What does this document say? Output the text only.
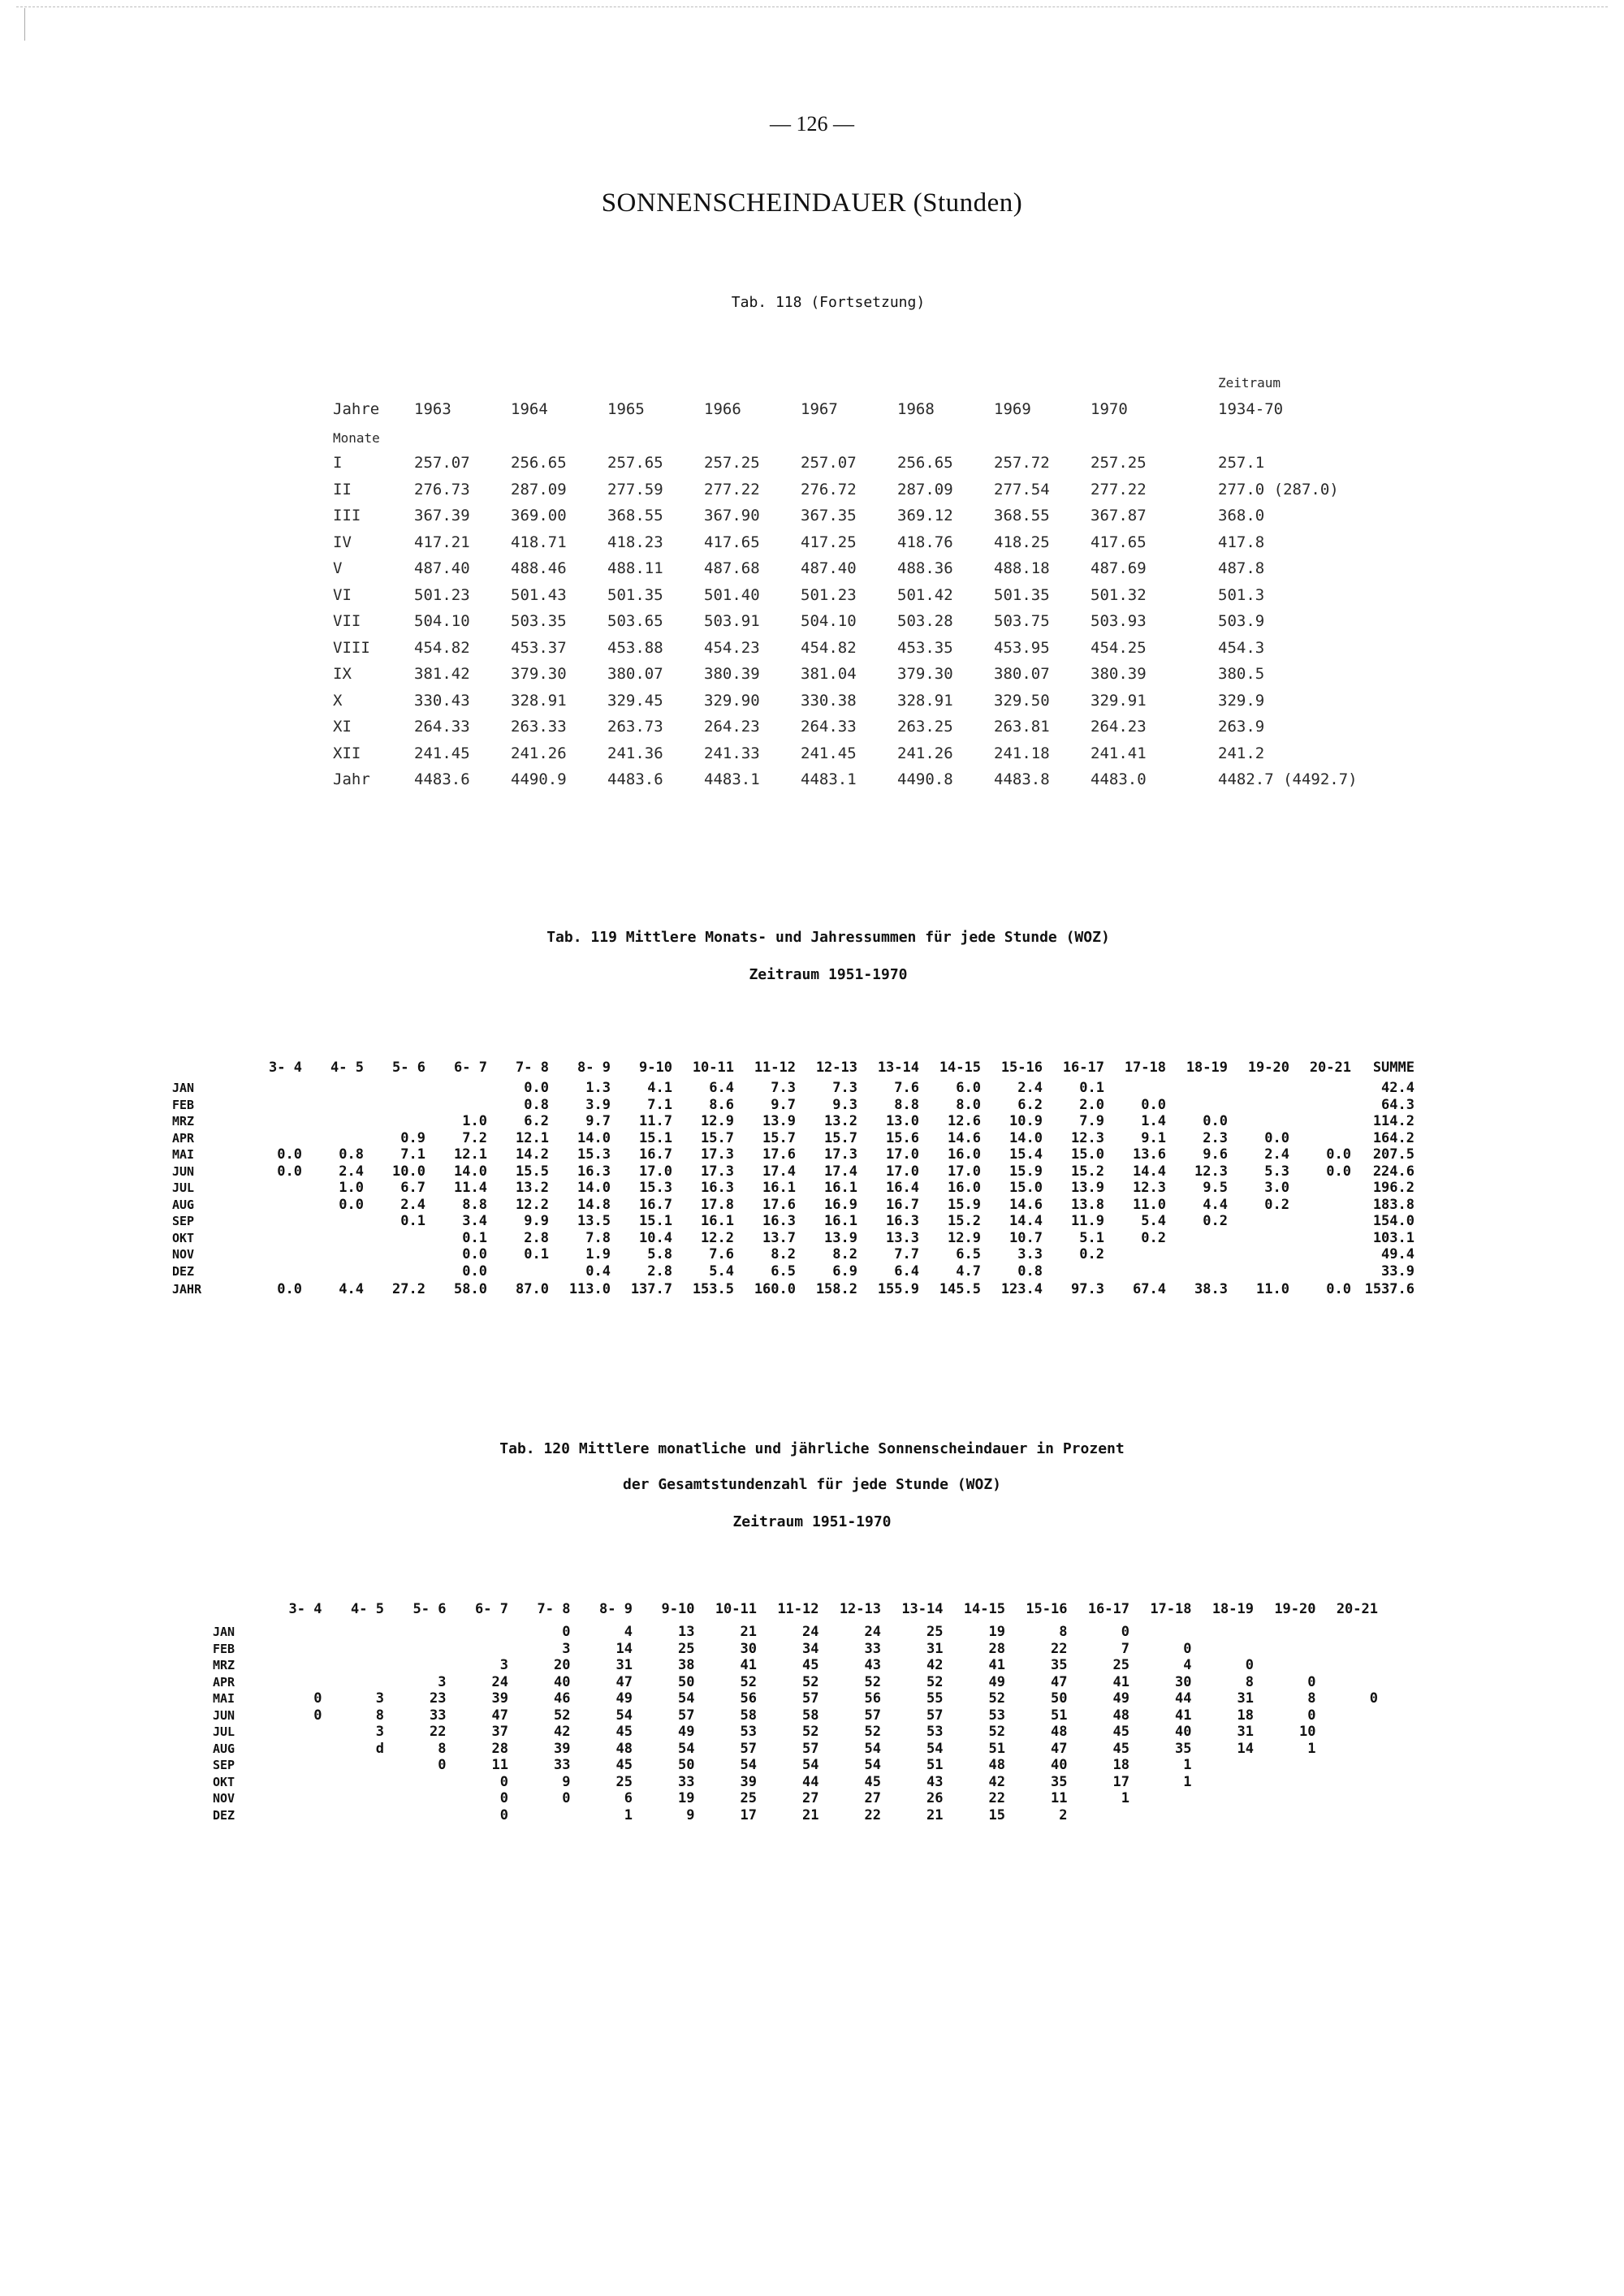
— 126 —
SONNENSCHEINDAUER (Stunden)
Tab. 118 (Fortsetzung)
									Zeitraum
Jahre	1963	1964	1965	1966	1967	1968	1969	1970	1934-70
Monate									
I	257.07	256.65	257.65	257.25	257.07	256.65	257.72	257.25	257.1
II	276.73	287.09	277.59	277.22	276.72	287.09	277.54	277.22	277.0 (287.0)
III	367.39	369.00	368.55	367.90	367.35	369.12	368.55	367.87	368.0
IV	417.21	418.71	418.23	417.65	417.25	418.76	418.25	417.65	417.8
V	487.40	488.46	488.11	487.68	487.40	488.36	488.18	487.69	487.8
VI	501.23	501.43	501.35	501.40	501.23	501.42	501.35	501.32	501.3
VII	504.10	503.35	503.65	503.91	504.10	503.28	503.75	503.93	503.9
VIII	454.82	453.37	453.88	454.23	454.82	453.35	453.95	454.25	454.3
IX	381.42	379.30	380.07	380.39	381.04	379.30	380.07	380.39	380.5
X	330.43	328.91	329.45	329.90	330.38	328.91	329.50	329.91	329.9
XI	264.33	263.33	263.73	264.23	264.33	263.25	263.81	264.23	263.9
XII	241.45	241.26	241.36	241.33	241.45	241.26	241.18	241.41	241.2

Jahr	4483.6	4490.9	4483.6	4483.1	4483.1	4490.8	4483.8	4483.0	4482.7 (4492.7)
Tab. 119 Mittlere Monats- und Jahressummen für jede Stunde (WOZ)
Zeitraum 1951-1970
	3- 4	4- 5	5- 6	6- 7	7- 8	8- 9	9-10	10-11	11-12	12-13	13-14	14-15	15-16	16-17	17-18	18-19	19-20	20-21	SUMME
JAN					0.0	1.3	4.1	6.4	7.3	7.3	7.6	6.0	2.4	0.1					42.4
FEB					0.8	3.9	7.1	8.6	9.7	9.3	8.8	8.0	6.2	2.0	0.0				64.3
MRZ				1.0	6.2	9.7	11.7	12.9	13.9	13.2	13.0	12.6	10.9	7.9	1.4	0.0			114.2
APR			0.9	7.2	12.1	14.0	15.1	15.7	15.7	15.7	15.6	14.6	14.0	12.3	9.1	2.3	0.0		164.2
MAI	0.0	0.8	7.1	12.1	14.2	15.3	16.7	17.3	17.6	17.3	17.0	16.0	15.4	15.0	13.6	9.6	2.4	0.0	207.5
JUN	0.0	2.4	10.0	14.0	15.5	16.3	17.0	17.3	17.4	17.4	17.0	17.0	15.9	15.2	14.4	12.3	5.3	0.0	224.6
JUL		1.0	6.7	11.4	13.2	14.0	15.3	16.3	16.1	16.1	16.4	16.0	15.0	13.9	12.3	9.5	3.0		196.2
AUG		0.0	2.4	8.8	12.2	14.8	16.7	17.8	17.6	16.9	16.7	15.9	14.6	13.8	11.0	4.4	0.2		183.8
SEP			0.1	3.4	9.9	13.5	15.1	16.1	16.3	16.1	16.3	15.2	14.4	11.9	5.4	0.2			154.0
OKT				0.1	2.8	7.8	10.4	12.2	13.7	13.9	13.3	12.9	10.7	5.1	0.2				103.1
NOV				0.0	0.1	1.9	5.8	7.6	8.2	8.2	7.7	6.5	3.3	0.2					49.4
DEZ				0.0		0.4	2.8	5.4	6.5	6.9	6.4	4.7	0.8						33.9

JAHR	0.0	4.4	27.2	58.0	87.0	113.0	137.7	153.5	160.0	158.2	155.9	145.5	123.4	97.3	67.4	38.3	11.0	0.0	1537.6
Tab. 120 Mittlere monatliche und jährliche Sonnenscheindauer in Prozent
der Gesamtstundenzahl für jede Stunde (WOZ)
Zeitraum 1951-1970
	3- 4	4- 5	5- 6	6- 7	7- 8	8- 9	9-10	10-11	11-12	12-13	13-14	14-15	15-16	16-17	17-18	18-19	19-20	20-21
JAN					0	4	13	21	24	24	25	19	8	0				
FEB					3	14	25	30	34	33	31	28	22	7	0			
MRZ				3	20	31	38	41	45	43	42	41	35	25	4	0		
APR			3	24	40	47	50	52	52	52	52	49	47	41	30	8	0	
MAI	0	3	23	39	46	49	54	56	57	56	55	52	50	49	44	31	8	0
JUN	0	8	33	47	52	54	57	58	58	57	57	53	51	48	41	18	0	
JUL		3	22	37	42	45	49	53	52	52	53	52	48	45	40	31	10	
AUG		d	8	28	39	48	54	57	57	54	54	51	47	45	35	14	1	
SEP			0	11	33	45	50	54	54	54	51	48	40	18	1			
OKT				0	9	25	33	39	44	45	43	42	35	17	1			
NOV				0	0	6	19	25	27	27	26	22	11	1				
DEZ				0		1	9	17	21	22	21	15	2					
